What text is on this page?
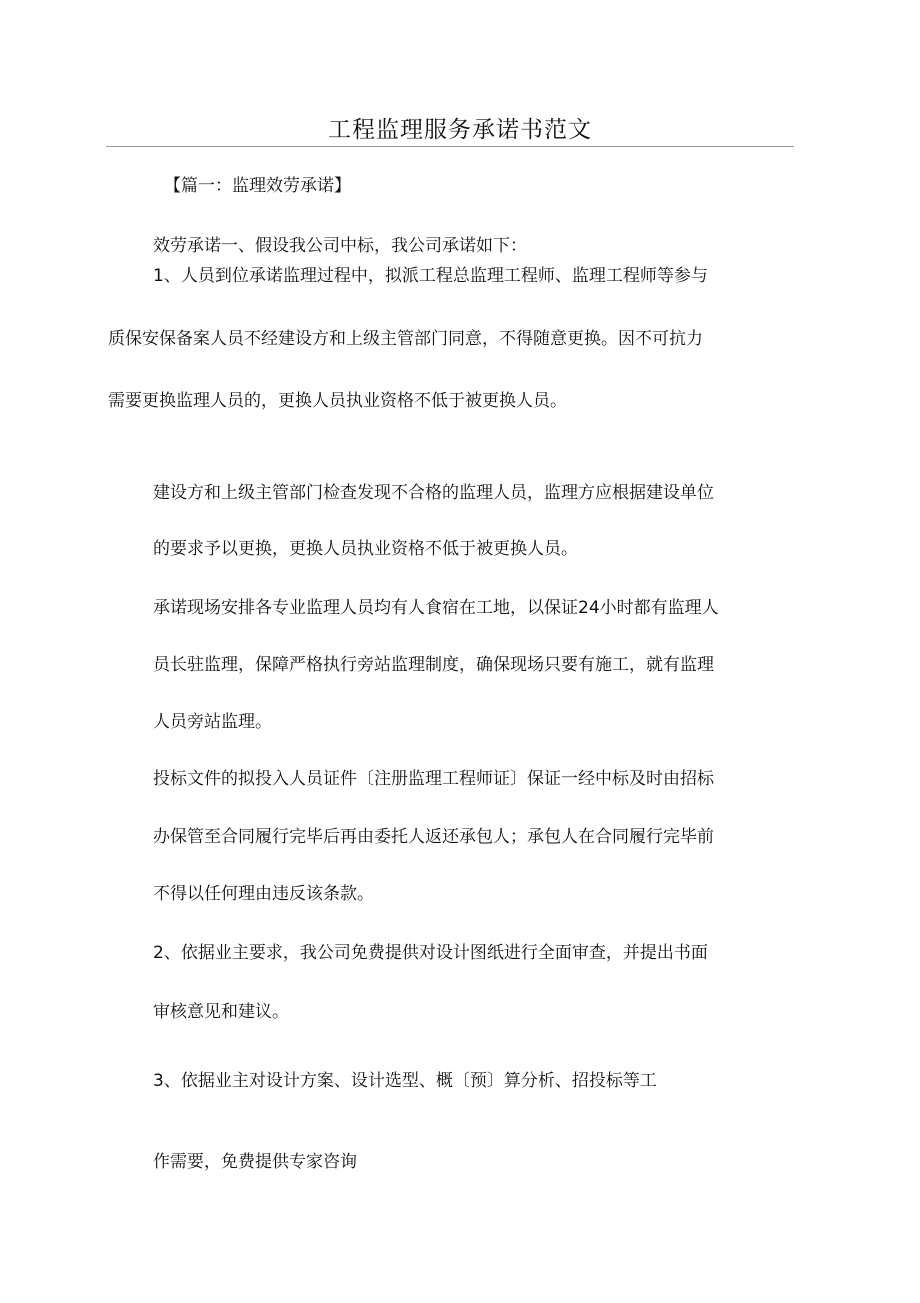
工程监理服务承诺书范文
【篇一：监理效劳承诺】
效劳承诺一、假设我公司中标，我公司承诺如下：
1、人员到位承诺监理过程中，拟派工程总监理工程师、监理工程师等参与
质保安保备案人员不经建设方和上级主管部门同意，不得随意更换。因不可抗力
需要更换监理人员的，更换人员执业资格不低于被更换人员。
建设方和上级主管部门检查发现不合格的监理人员，监理方应根据建设单位
的要求予以更换，更换人员执业资格不低于被更换人员。
承诺现场安排各专业监理人员均有人食宿在工地，以保证24小时都有监理人
员长驻监理，保障严格执行旁站监理制度，确保现场只要有施工，就有监理
人员旁站监理。
投标文件的拟投入人员证件〔注册监理工程师证〕保证一经中标及时由招标
办保管至合同履行完毕后再由委托人返还承包人；承包人在合同履行完毕前
不得以任何理由违反该条款。
2、依据业主要求，我公司免费提供对设计图纸进行全面审查，并提出书面
审核意见和建议。
3、依据业主对设计方案、设计选型、概〔预〕算分析、招投标等工
作需要，免费提供专家咨询
